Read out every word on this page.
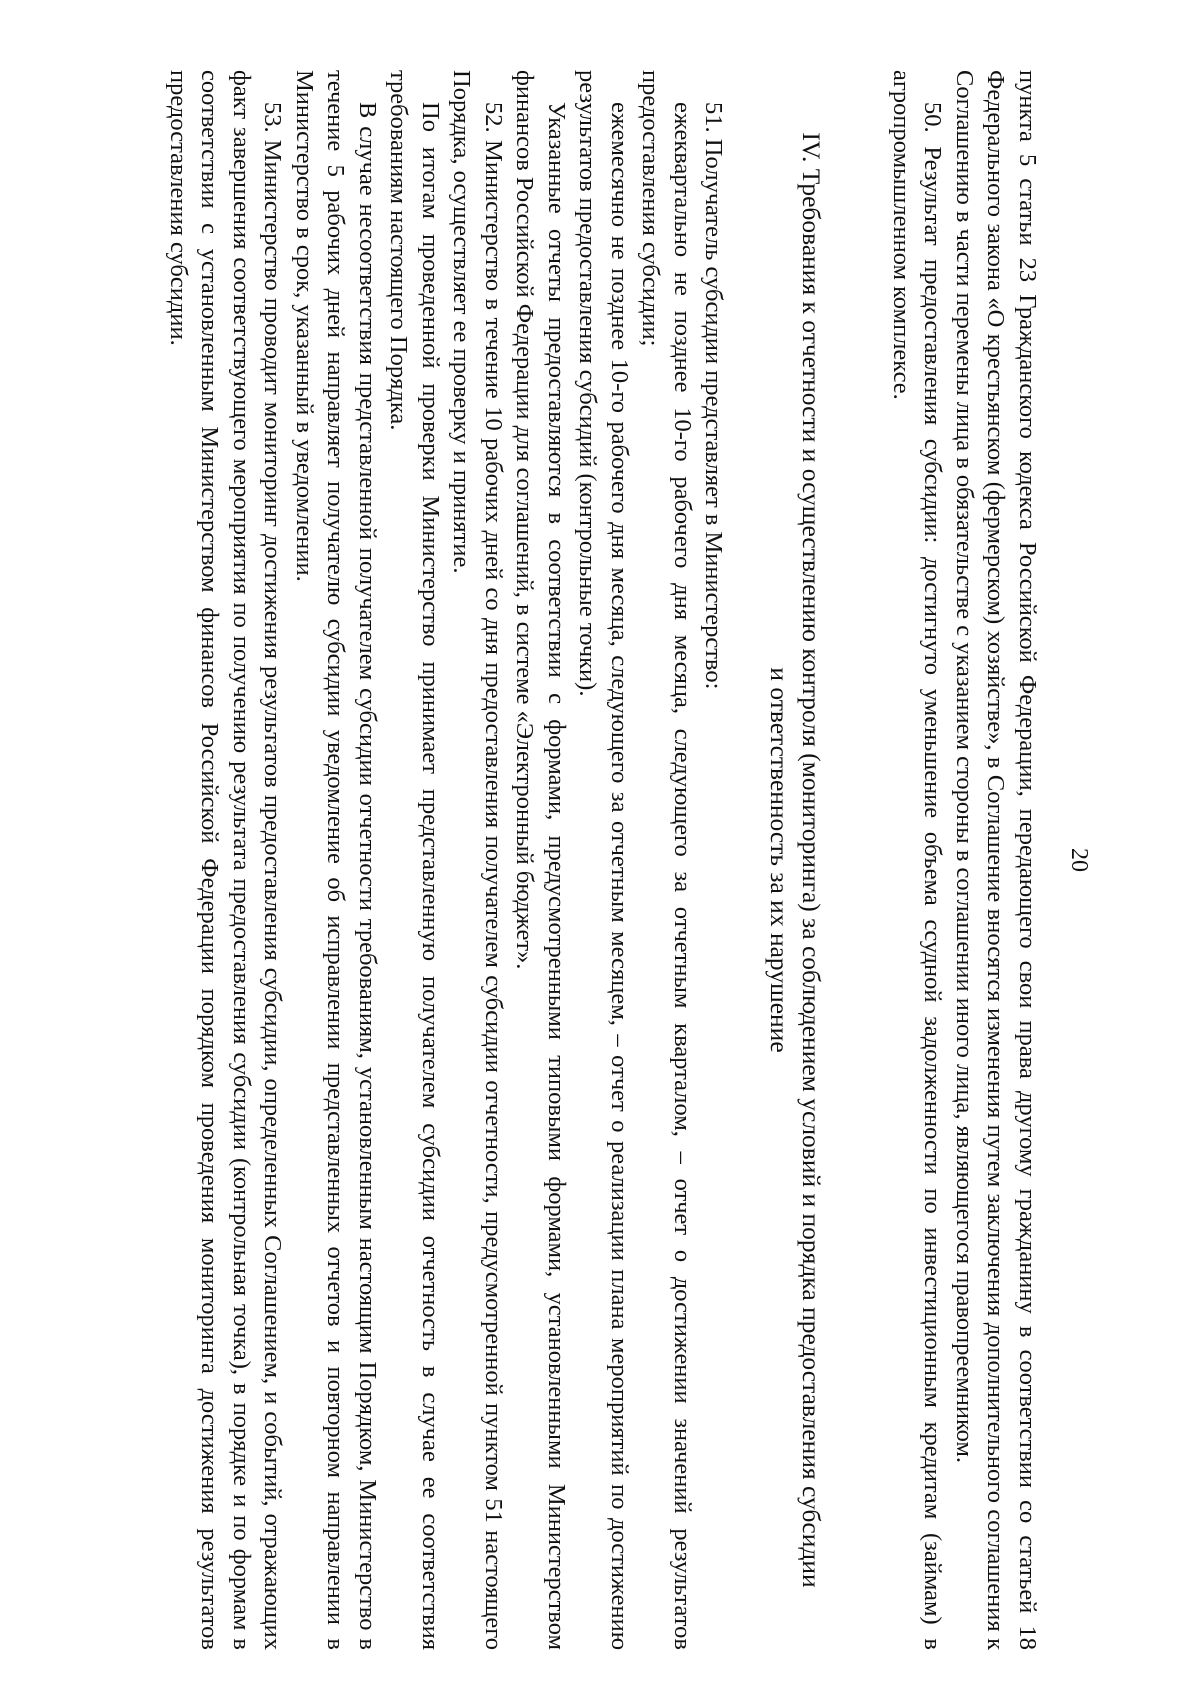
20

пункта 5 статьи 23 Гражданского кодекса Российской Федерации, передающего свои права другому гражданину в соответствии со статьей 18 Федерального закона «О крестьянском (фермерском) хозяйстве», в Соглашение вносятся изменения путем заключения дополнительного соглашения к Соглашению в части перемены лица в обязательстве с указанием стороны в соглашении иного лица, являющегося правопреемником.

50. Результат предоставления субсидии: достигнуто уменьшение объема ссудной задолженности по инвестиционным кредитам (займам) в агропромышленном комплексе.

IV. Требования к отчетности и осуществлению контроля (мониторинга) за соблюдением условий и порядка предоставления субсидии и ответственность за их нарушение

51. Получатель субсидии представляет в Министерство:

ежеквартально не позднее 10-го рабочего дня месяца, следующего за отчетным кварталом, – отчет о достижении значений результатов предоставления субсидии;

ежемесячно не позднее 10-го рабочего дня месяца, следующего за отчетным месяцем, – отчет о реализации плана мероприятий по достижению результатов предоставления субсидий (контрольные точки).

Указанные отчеты предоставляются в соответствии с формами, предусмотренными типовыми формами, установленными Министерством финансов Российской Федерации для соглашений, в системе «Электронный бюджет».

52. Министерство в течение 10 рабочих дней со дня предоставления получателем субсидии отчетности, предусмотренной пунктом 51 настоящего Порядка, осуществляет ее проверку и принятие.

По итогам проведенной проверки Министерство принимает представленную получателем субсидии отчетность в случае ее соответствия требованиям настоящего Порядка.

В случае несоответствия представленной получателем субсидии отчетности требованиям, установленным настоящим Порядком, Министерство в течение 5 рабочих дней направляет получателю субсидии уведомление об исправлении представленных отчетов и повторном направлении в Министерство в срок, указанный в уведомлении.

53. Министерство проводит мониторинг достижения результатов предоставления субсидии, определенных Соглашением, и событий, отражающих факт завершения соответствующего мероприятия по получению результата предоставления субсидии (контрольная точка), в порядке и по формам в соответствии с установленным Министерством финансов Российской Федерации порядком проведения мониторинга достижения результатов предоставления субсидии.
